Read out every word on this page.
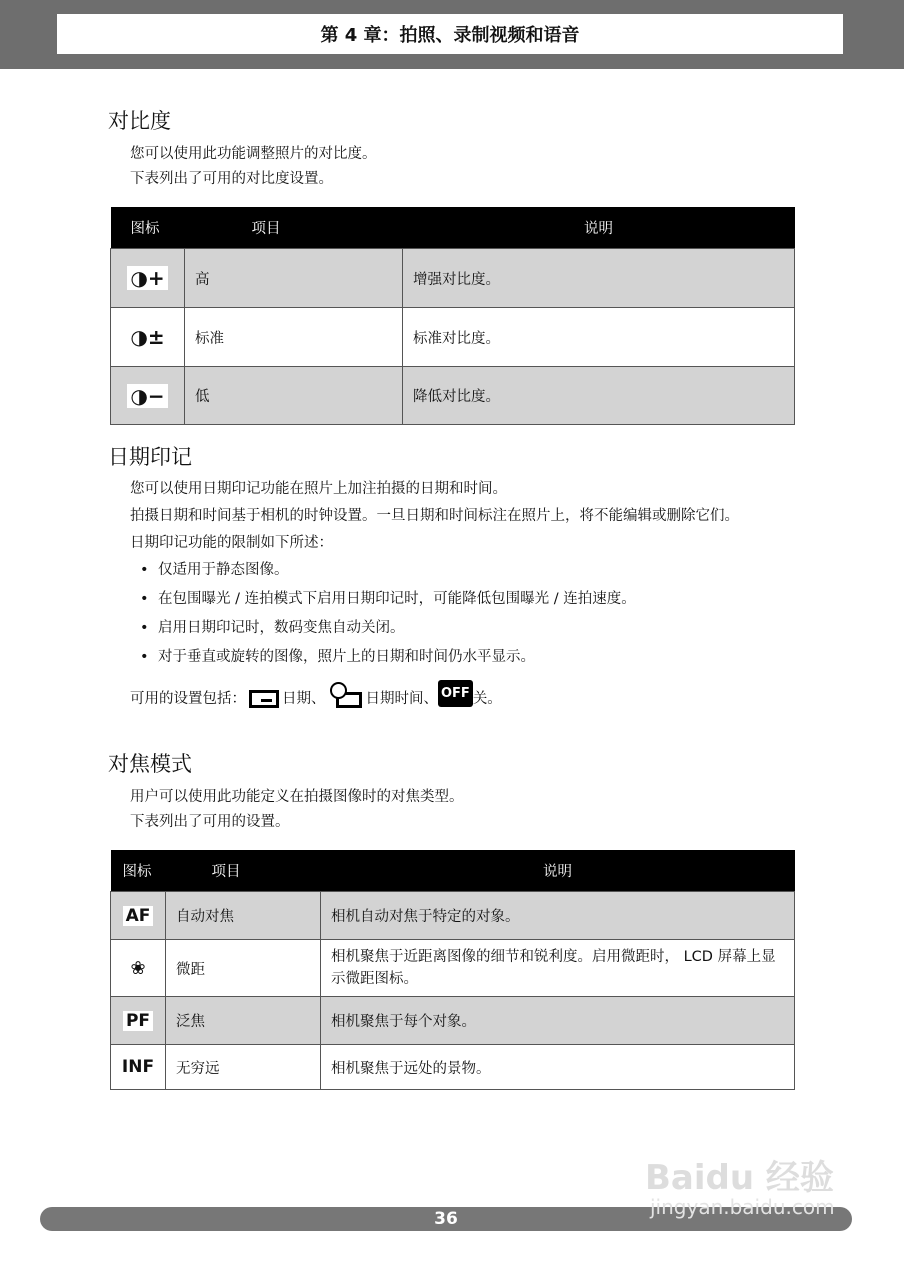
第 4 章：拍照、录制视频和语音
对比度
您可以使用此功能调整照片的对比度。
下表列出了可用的对比度设置。
图标	项目	说明
◑+	高	增强对比度。
◑±	标准	标准对比度。
◑−	低	降低对比度。
日期印记
您可以使用日期印记功能在照片上加注拍摄的日期和时间。
拍摄日期和时间基于相机的时钟设置。一旦日期和时间标注在照片上，将不能编辑或删除它们。
日期印记功能的限制如下所述：
• 仅适用于静态图像。
• 在包围曝光 / 连拍模式下启用日期印记时，可能降低包围曝光 / 连拍速度。
• 启用日期印记时，数码变焦自动关闭。
• 对于垂直或旋转的图像，照片上的日期和时间仍水平显示。
可用的设置包括： 日期、	日期时间、 OFF 关。
对焦模式
用户可以使用此功能定义在拍摄图像时的对焦类型。
下表列出了可用的设置。
图标	项目	说明
AF	自动对焦	相机自动对焦于特定的对象。
❀	微距	相机聚焦于近距离图像的细节和锐利度。启用微距时， LCD 屏幕上显示微距图标。
PF	泛焦	相机聚焦于每个对象。
INF	无穷远	相机聚焦于远处的景物。
36
Baidu 经验
jingyan.baidu.com
